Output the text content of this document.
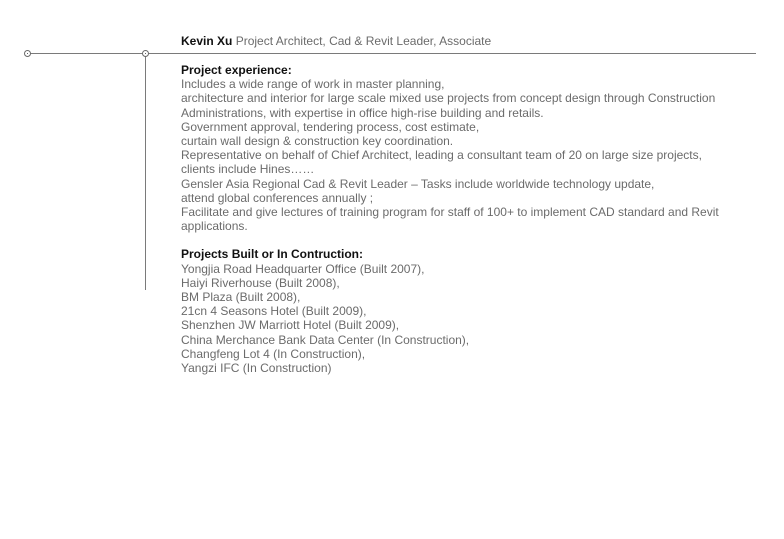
Kevin Xu Project Architect, Cad & Revit Leader, Associate

Project experience:

Includes a wide range of work in master planning,

architecture and interior for large scale mixed use projects from concept design through Construction

Administrations, with expertise in office high-rise building and retails.

Government approval, tendering process, cost estimate,

curtain wall design & construction key coordination.

Representative on behalf of Chief Architect, leading a consultant team of 20 on large size projects,

clients include Hines……

Gensler Asia Regional Cad & Revit Leader – Tasks include worldwide technology update,

attend global conferences annually ;

Facilitate and give lectures of training program for staff of 100+ to implement CAD standard and Revit

applications.

Projects Built or In Contruction:

Yongjia Road Headquarter Office (Built 2007),

Haiyi Riverhouse (Built 2008),

BM Plaza (Built 2008),

21cn 4 Seasons Hotel (Built 2009),

Shenzhen JW Marriott Hotel (Built 2009),

China Merchance Bank Data Center (In Construction),

Changfeng Lot 4 (In Construction),

Yangzi IFC (In Construction)
